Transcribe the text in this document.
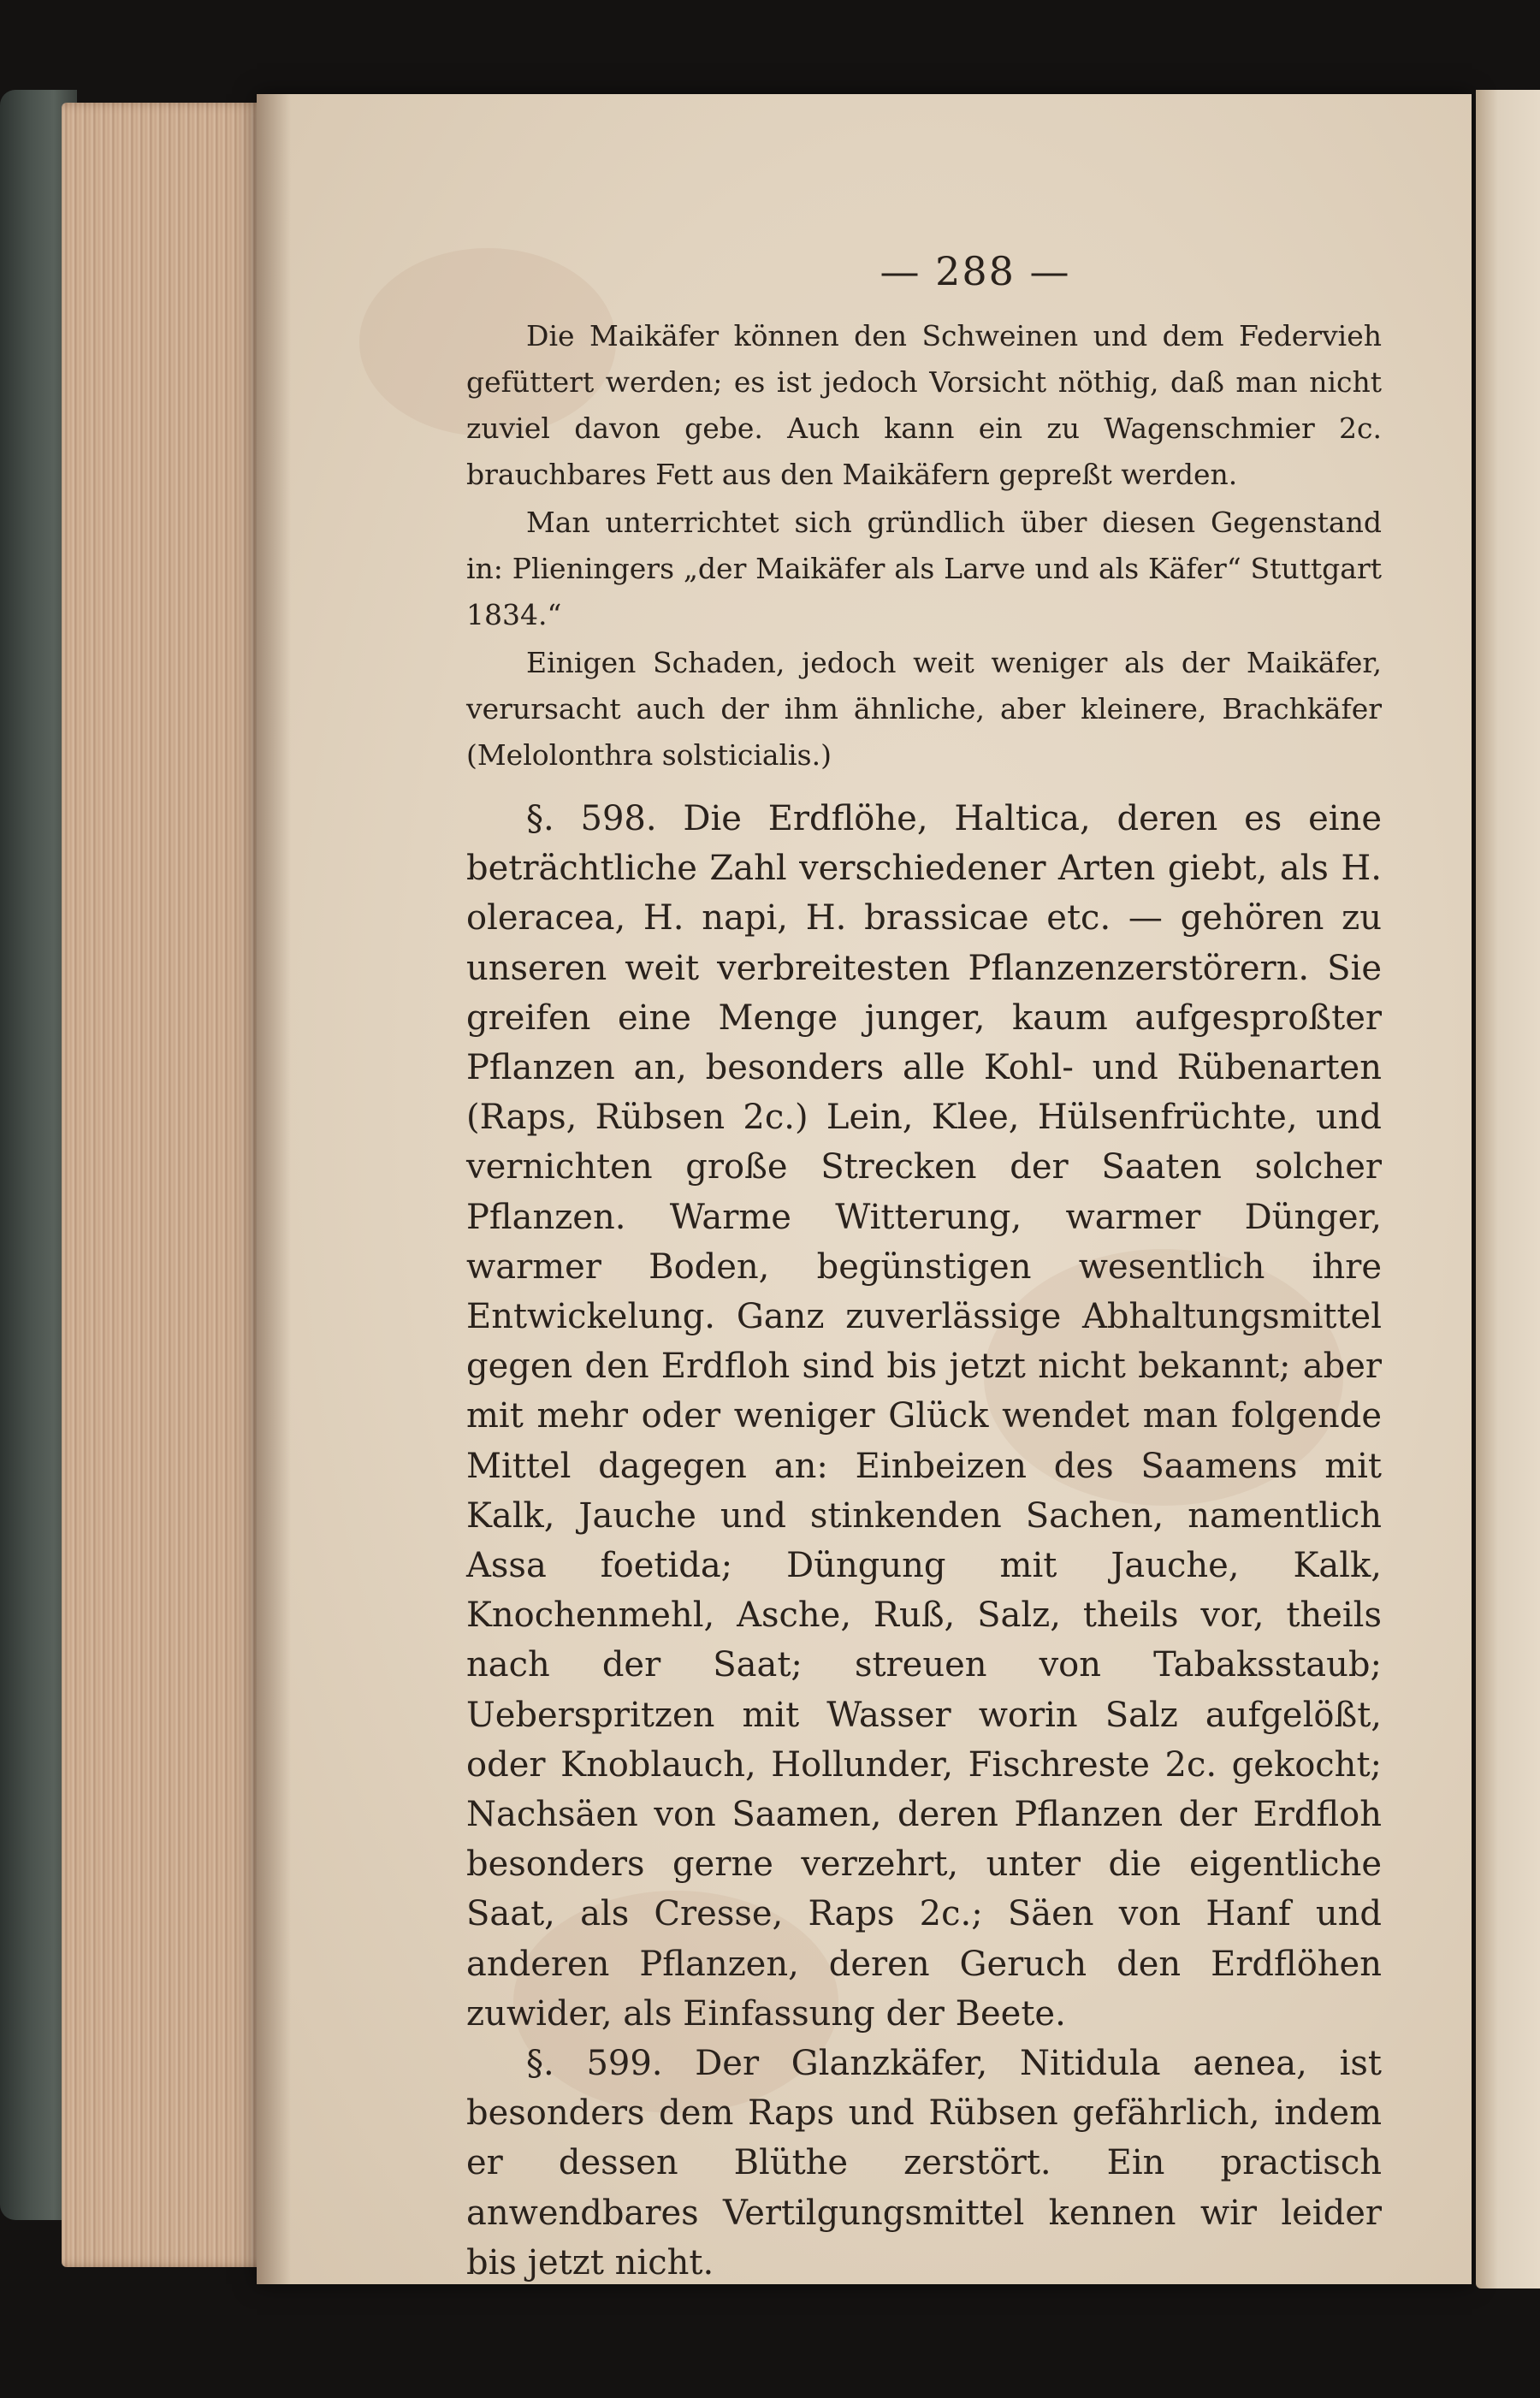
— 288 —

Die Maikäfer können den Schweinen und dem Federvieh gefüttert werden; es ist jedoch Vorsicht nöthig, daß man nicht zuviel davon gebe. Auch kann ein zu Wagenschmier 2c. brauchbares Fett aus den Maikäfern gepreßt werden.

Man unterrichtet sich gründlich über diesen Gegenstand in: Plieningers „der Maikäfer als Larve und als Käfer“ Stuttgart 1834.“

Einigen Schaden, jedoch weit weniger als der Maikäfer, verursacht auch der ihm ähnliche, aber kleinere, Brachkäfer (Melolonthra solsticialis.)

§. 598. Die Erdflöhe, Haltica, deren es eine beträchtliche Zahl verschiedener Arten giebt, als H. oleracea, H. napi, H. brassicae etc. — gehören zu unseren weit verbreitesten Pflanzenzerstörern. Sie greifen eine Menge junger, kaum aufgesproßter Pflanzen an, besonders alle Kohl- und Rübenarten (Raps, Rübsen 2c.) Lein, Klee, Hülsenfrüchte, und vernichten große Strecken der Saaten solcher Pflanzen. Warme Witterung, warmer Dünger, warmer Boden, begünstigen wesentlich ihre Entwickelung. Ganz zuverlässige Abhaltungsmittel gegen den Erdfloh sind bis jetzt nicht bekannt; aber mit mehr oder weniger Glück wendet man folgende Mittel dagegen an: Einbeizen des Saamens mit Kalk, Jauche und stinkenden Sachen, namentlich Assa foetida; Düngung mit Jauche, Kalk, Knochenmehl, Asche, Ruß, Salz, theils vor, theils nach der Saat; streuen von Tabaksstaub; Ueberspritzen mit Wasser worin Salz aufgelößt, oder Knoblauch, Hollunder, Fischreste 2c. gekocht; Nachsäen von Saamen, deren Pflanzen der Erdfloh besonders gerne verzehrt, unter die eigentliche Saat, als Cresse, Raps 2c.; Säen von Hanf und anderen Pflanzen, deren Geruch den Erdflöhen zuwider, als Einfassung der Beete.

§. 599. Der Glanzkäfer, Nitidula aenea, ist besonders dem Raps und Rübsen gefährlich, indem er dessen Blüthe zerstört. Ein practisch anwendbares Vertilgungsmittel kennen wir leider bis jetzt nicht.
